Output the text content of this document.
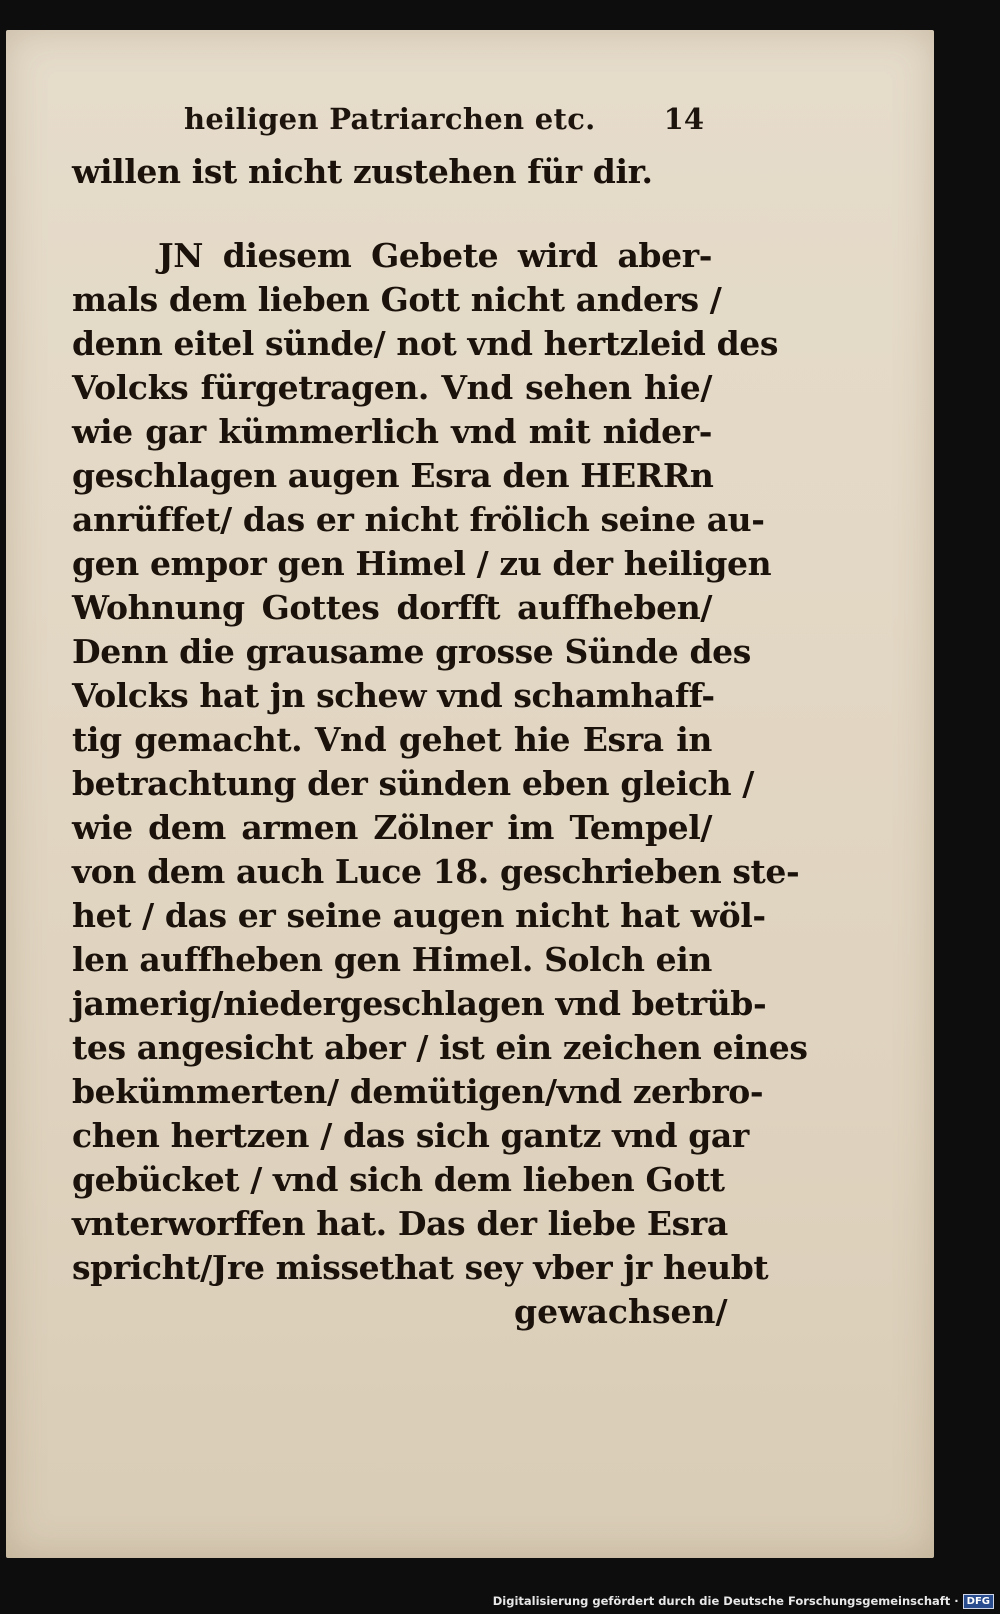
heiligen Patriarchen etc. 14
willen ist nicht zustehen für dir.
JN diesem Gebete wird aber-
mals dem lieben Gott nicht anders /
denn eitel sünde/ not vnd hertzleid des
Volcks fürgetragen. Vnd sehen hie/
wie gar kümmerlich vnd mit nider-
geschlagen augen Esra den HERRn
anrüffet/ das er nicht frölich seine au-
gen empor gen Himel / zu der heiligen
Wohnung Gottes dorfft auffheben/
Denn die grausame grosse Sünde des
Volcks hat jn schew vnd schamhaff-
tig gemacht. Vnd gehet hie Esra in
betrachtung der sünden eben gleich /
wie dem armen Zölner im Tempel/
von dem auch Luce 18. geschrieben ste-
het / das er seine augen nicht hat wöl-
len auffheben gen Himel. Solch ein
jamerig/niedergeschlagen vnd betrüb-
tes angesicht aber / ist ein zeichen eines
bekümmerten/ demütigen/vnd zerbro-
chen hertzen / das sich gantz vnd gar
gebücket / vnd sich dem lieben Gott
vnterworffen hat. Das der liebe Esra
spricht/Jre missethat sey vber jr heubt
gewachsen/
Digitalisierung gefördert durch die Deutsche Forschungsgemeinschaft · DFG
